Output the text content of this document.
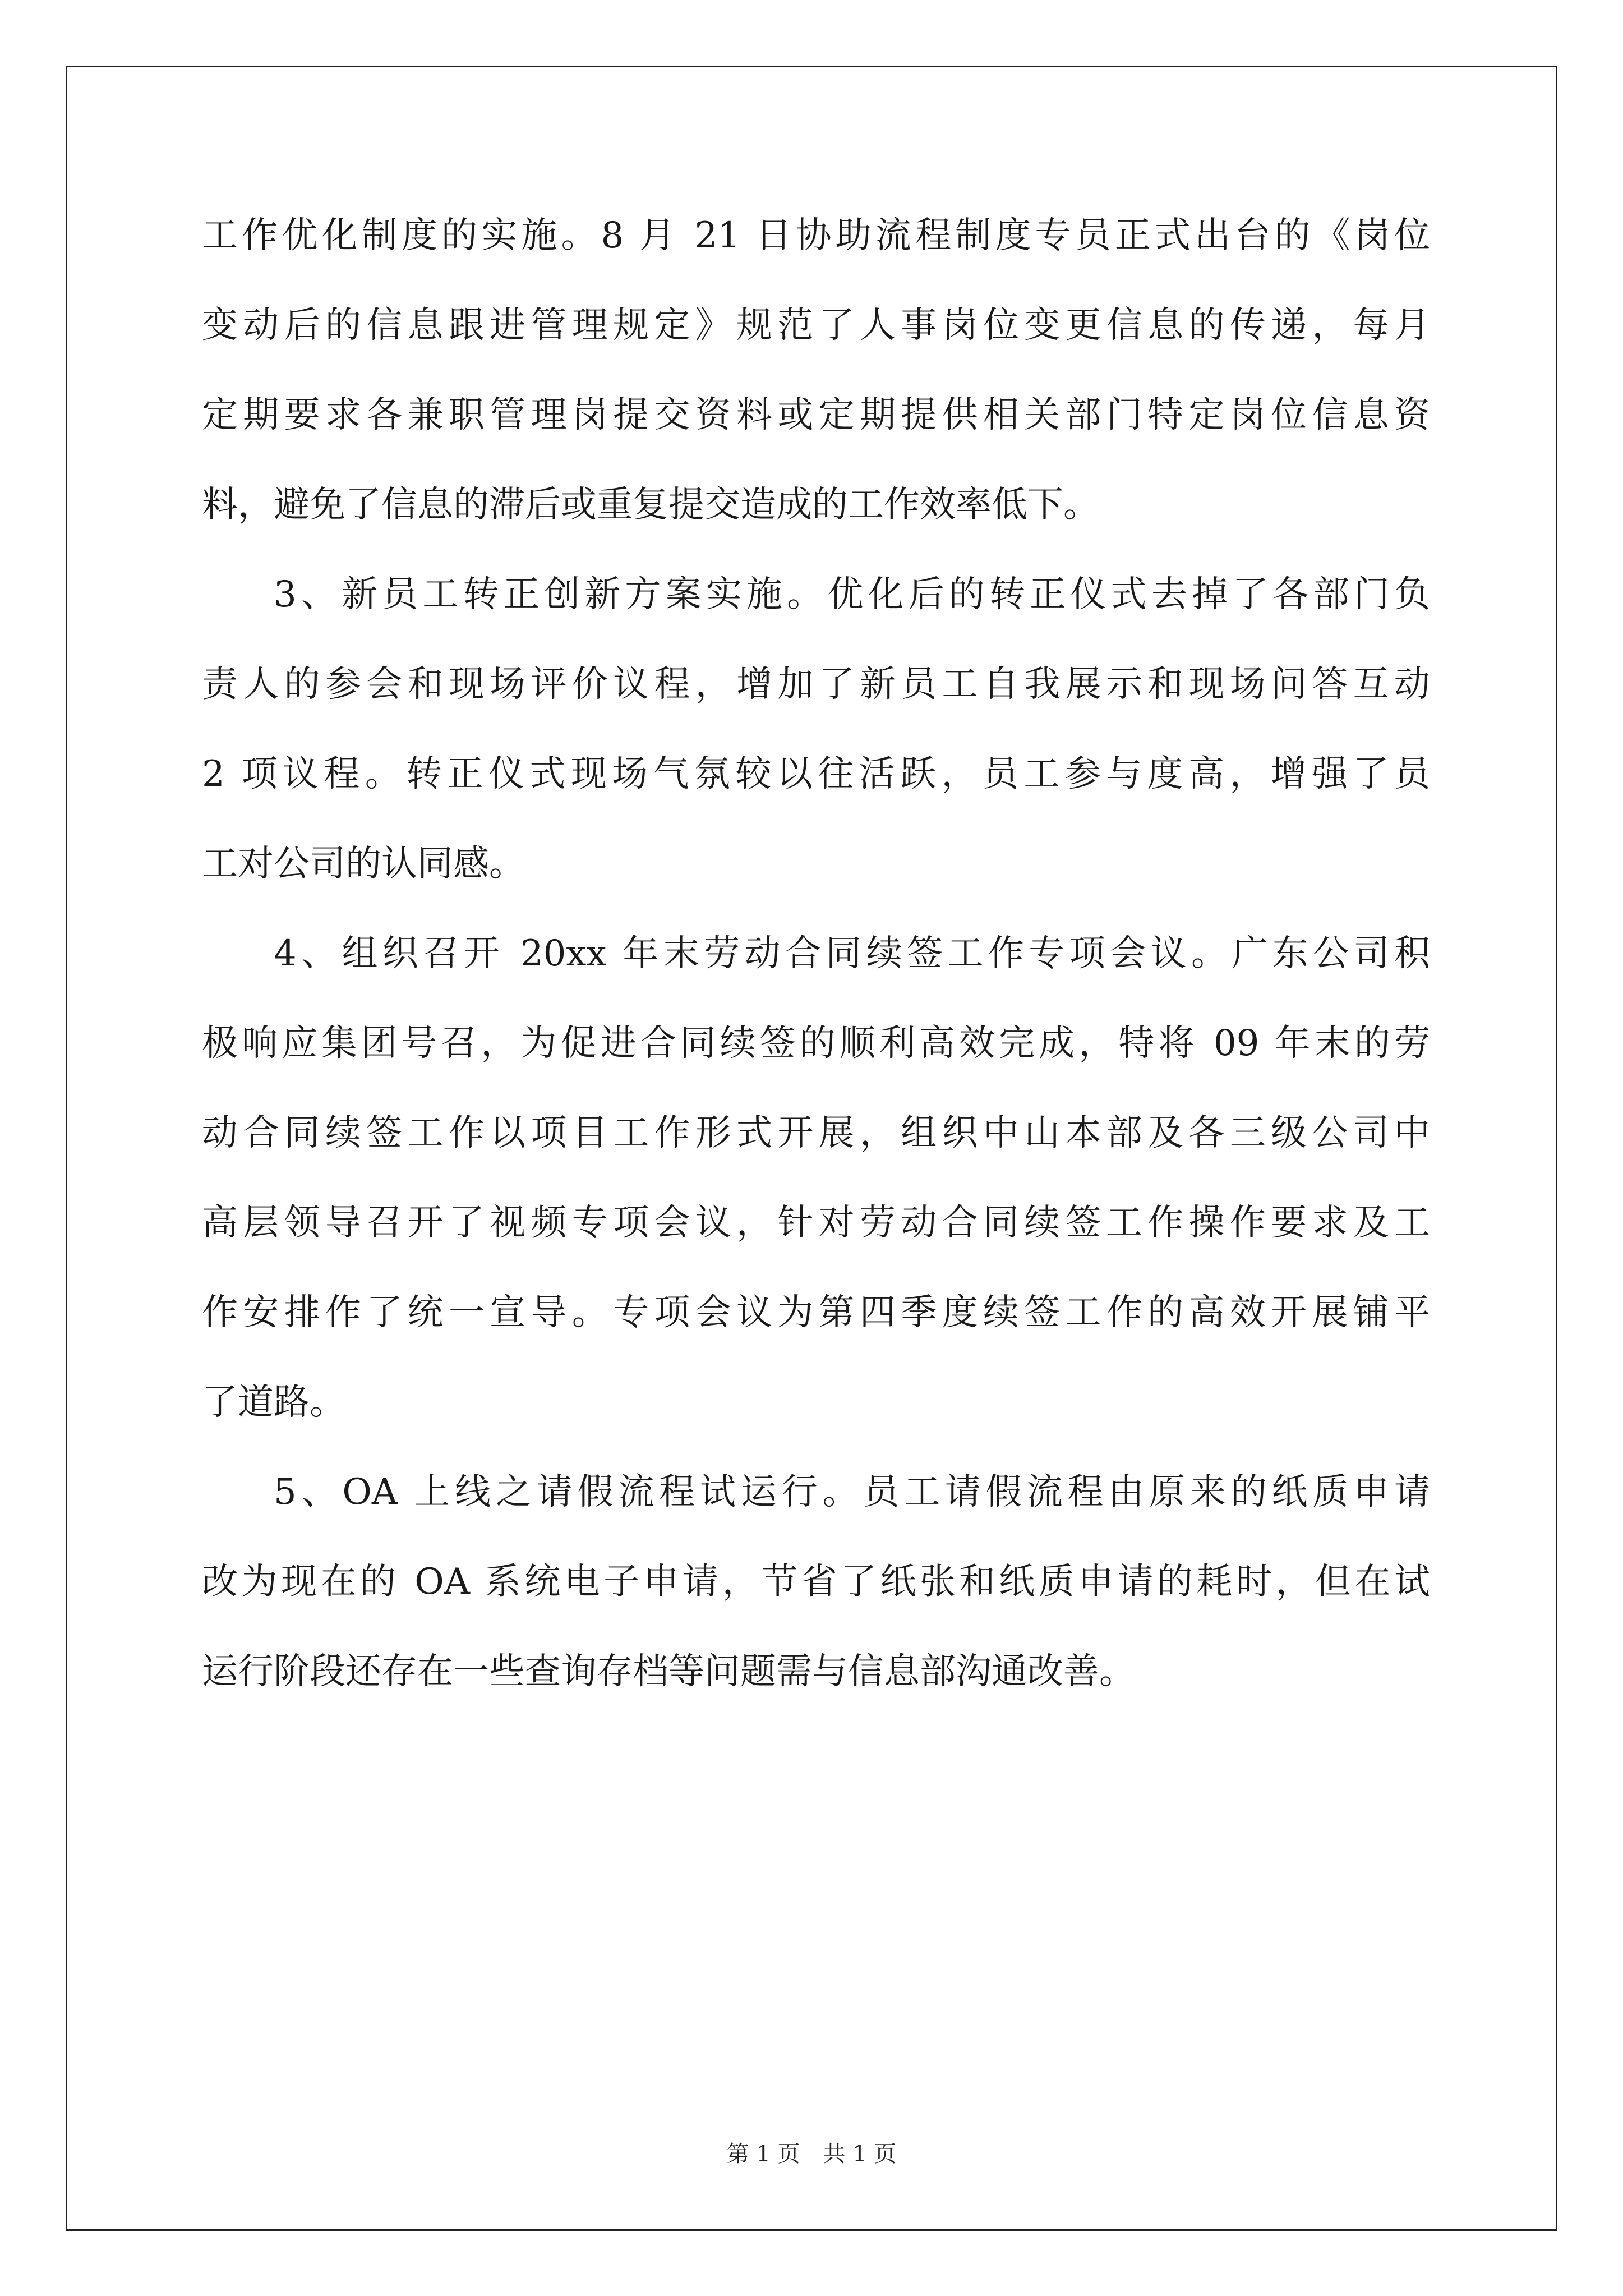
工作优化制度的实施。8 月 21 日协助流程制度专员正式出台的《岗位
变动后的信息跟进管理规定》规范了人事岗位变更信息的传递，每月
定期要求各兼职管理岗提交资料或定期提供相关部门特定岗位信息资
料，避免了信息的滞后或重复提交造成的工作效率低下。
3、新员工转正创新方案实施。优化后的转正仪式去掉了各部门负
责人的参会和现场评价议程，增加了新员工自我展示和现场问答互动
2 项议程。转正仪式现场气氛较以往活跃，员工参与度高，增强了员
工对公司的认同感。
4、组织召开 20xx 年末劳动合同续签工作专项会议。广东公司积
极响应集团号召，为促进合同续签的顺利高效完成，特将 09 年末的劳
动合同续签工作以项目工作形式开展，组织中山本部及各三级公司中
高层领导召开了视频专项会议，针对劳动合同续签工作操作要求及工
作安排作了统一宣导。专项会议为第四季度续签工作的高效开展铺平
了道路。
5、OA 上线之请假流程试运行。员工请假流程由原来的纸质申请
改为现在的 OA 系统电子申请，节省了纸张和纸质申请的耗时，但在试
运行阶段还存在一些查询存档等问题需与信息部沟通改善。
第 1 页 共 1 页
